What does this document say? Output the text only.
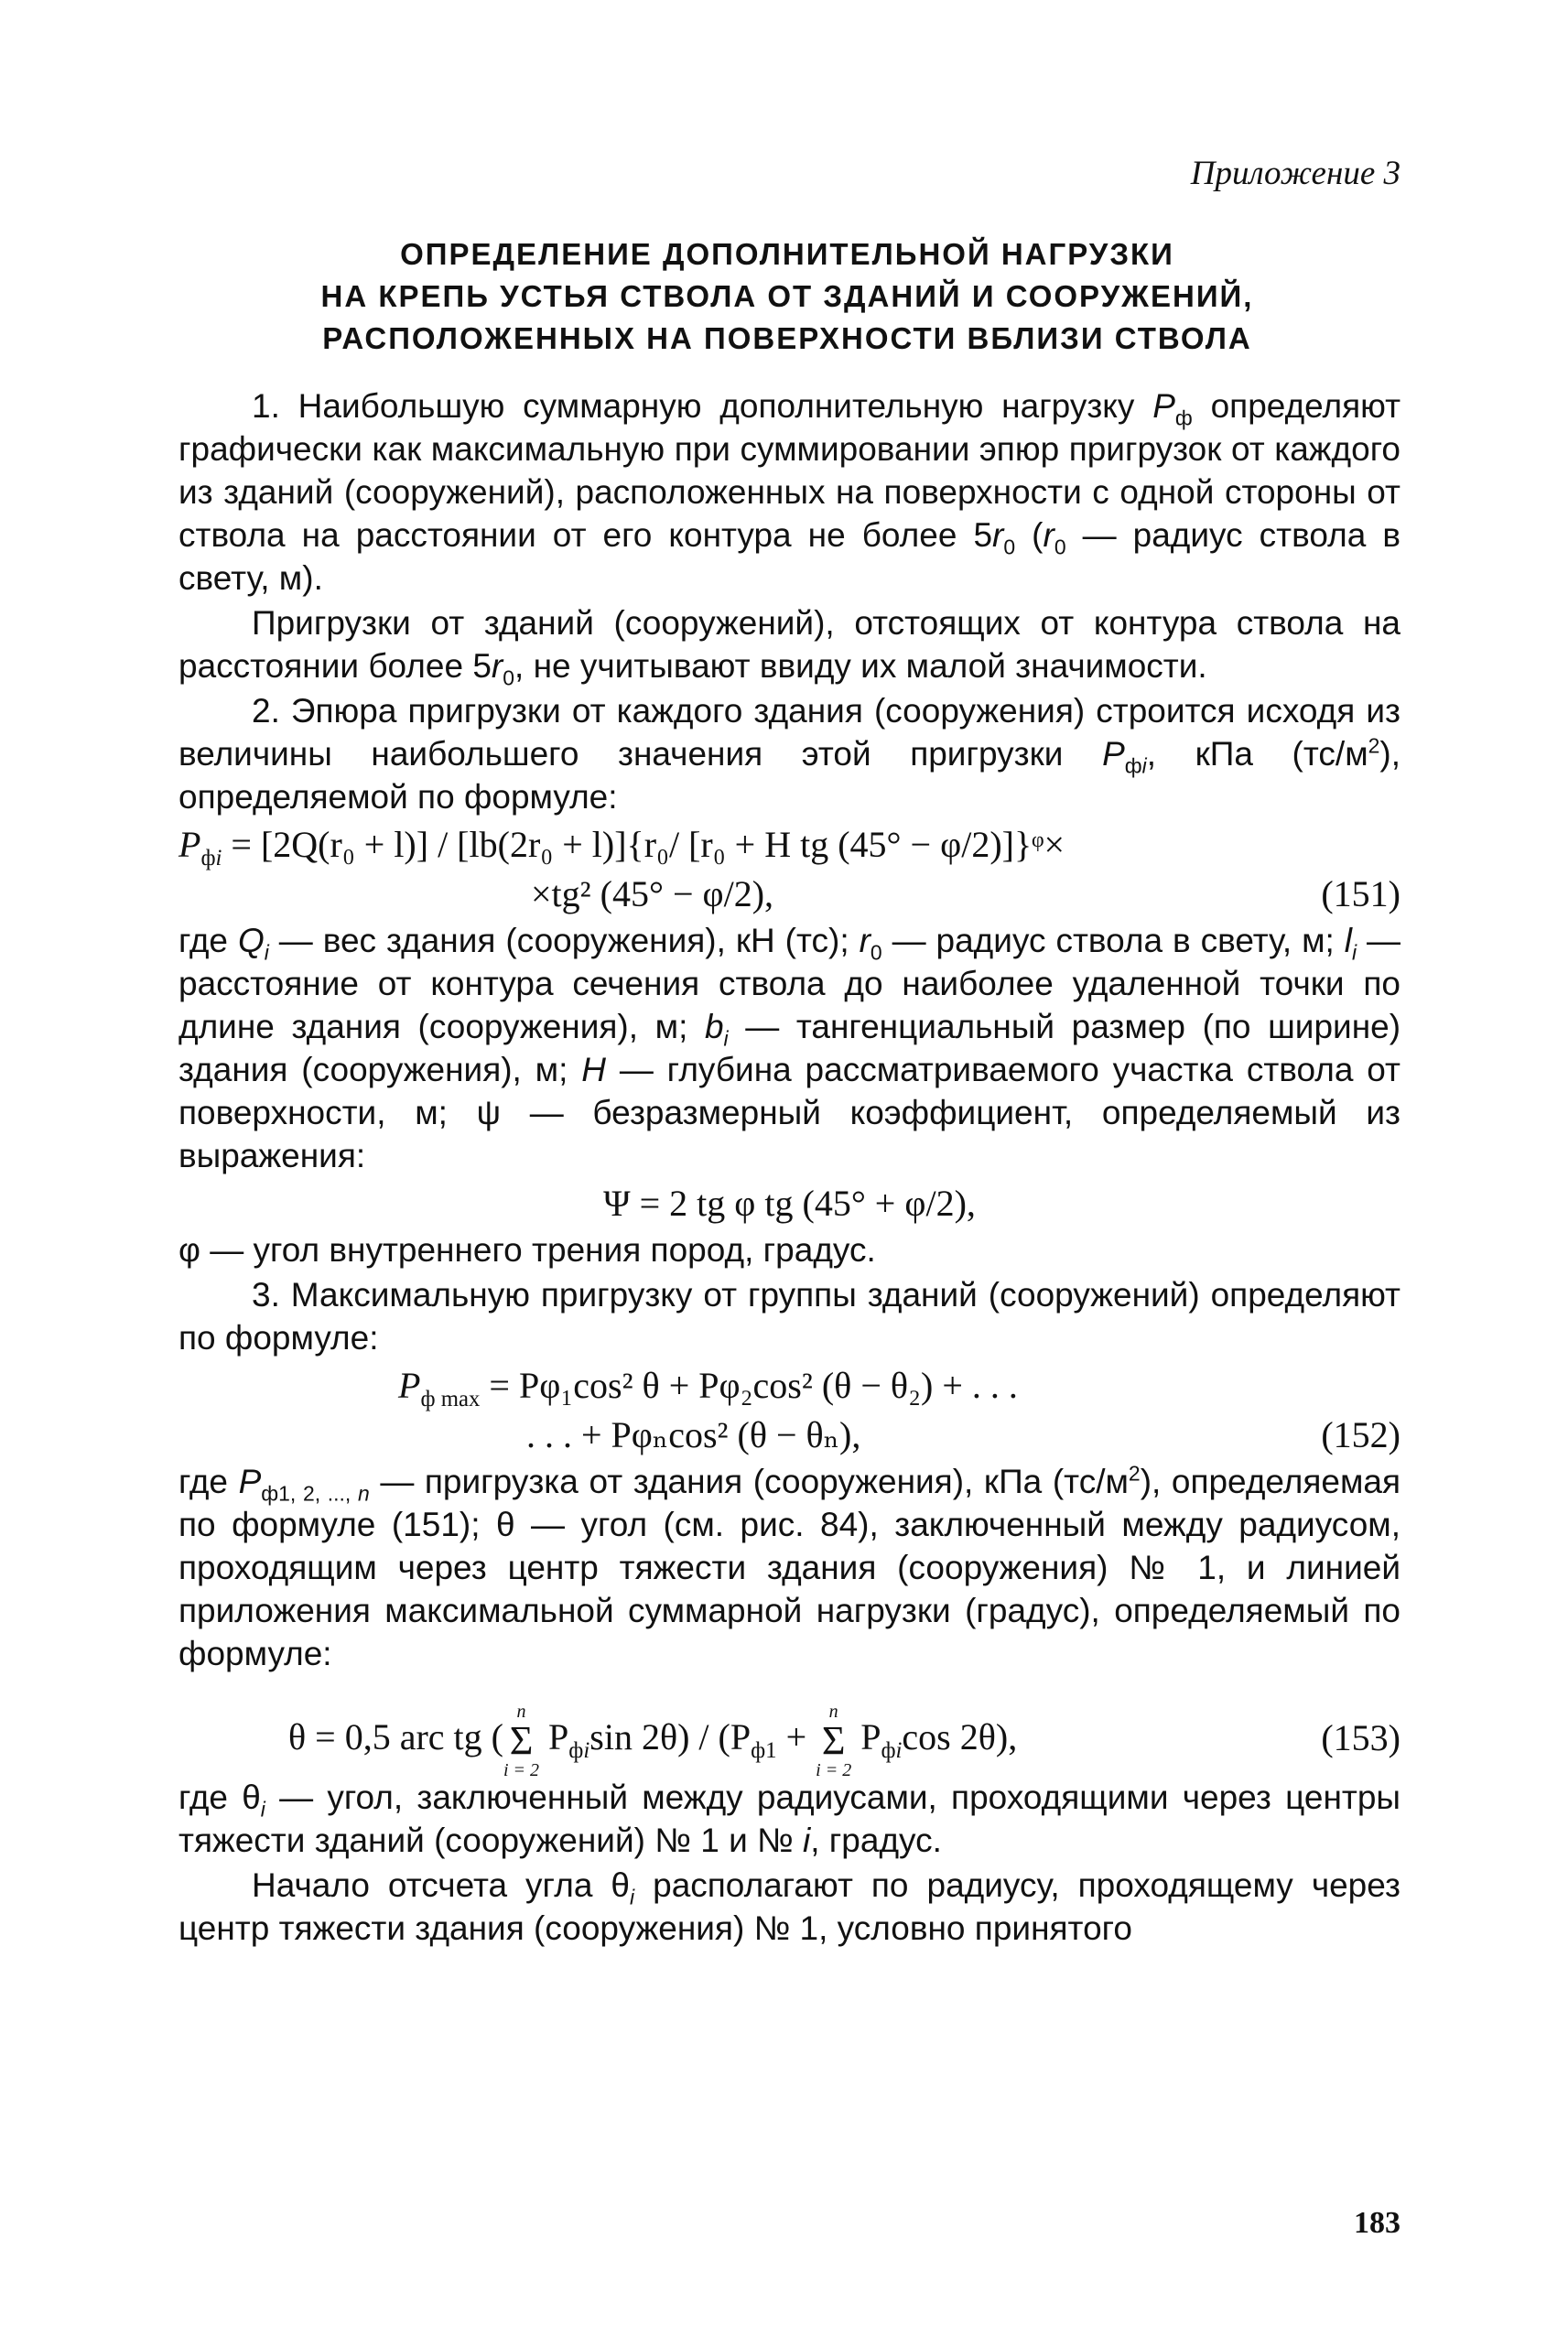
Приложение 3
ОПРЕДЕЛЕНИЕ ДОПОЛНИТЕЛЬНОЙ НАГРУЗКИ
НА КРЕПЬ УСТЬЯ СТВОЛА ОТ ЗДАНИЙ И СООРУЖЕНИЙ,
РАСПОЛОЖЕННЫХ НА ПОВЕРХНОСТИ ВБЛИЗИ СТВОЛА

1. Наибольшую суммарную дополнительную нагрузку $P_ф$ определяют графически как максимальную при суммировании эпюр пригрузок от каждого из зданий (сооружений), расположенных на поверхности с одной стороны от ствола на расстоянии от его контура не более $5r_0$ ($r_0$ — радиус ствола в свету, м).

Пригрузки от зданий (сооружений), отстоящих от контура ствола на расстоянии более $5r_0$, не учитывают ввиду их малой значимости.

2. Эпюра пригрузки от каждого здания (сооружения) строится исходя из величины наибольшего значения этой пригрузки $P_{фi}$, кПа $(тс/м^2)$, определяемой по формуле:

$P_{фi} = [2Q(r_0 + l)] / [lb(2r_0 + l)]\{r_0/$ [r₀ + H tg (45° − φ/2)]}ᵠ×
×tg² (45° − φ/2),	(151)

где $Q_i$ — вес здания (сооружения), кН (тс); $r_0$ — радиус ствола в свету, м; $l_i$ — расстояние от контура сечения ствола до наиболее удаленной точки по длине здания (сооружения), м; $b_i$ — тангенциальный размер (по ширине) здания (сооружения), м; H — глубина рассматриваемого участка ствола от поверхности, м; ψ — безразмерный коэффициент, определяемый из выражения:

Ψ = 2 tg φ tg (45° + φ/2),

φ — угол внутреннего трения пород, градус.

3. Максимальную пригрузку от группы зданий (сооружений) определяют по формуле:

$P_{ф max} = P\varphi_1\cos^2$ θ + Pφ₂cos² (θ − θ₂) + . . .
. . . + Pφₙcos² (θ − θₙ),	(152)

где $P_{ф1, 2, ..., n}$ — пригрузка от здания (сооружения), кПа $(тс/м^2)$, определяемая по формуле (151); θ — угол (см. рис. 84), заключенный между радиусом, проходящим через центр тяжести здания (сооружения) № 1, и линией приложения максимальной суммарной нагрузки (градус), определяемый по формуле:

θ = 0,5 arc tg (
n
Σ
i = 2
$P_{фi}\sin$ $2\theta) / (P_{ф1}$ +
n
Σ
i = 2
$P_{фi}\cos$ 2θ),	(153)

где $\theta_i$ — угол, заключенный между радиусами, проходящими через центры тяжести зданий (сооружений) № 1 и № i, градус.

Начало отсчета угла $\theta_i$ располагают по радиусу, проходящему через центр тяжести здания (сооружения) № 1, условно принятого

183
